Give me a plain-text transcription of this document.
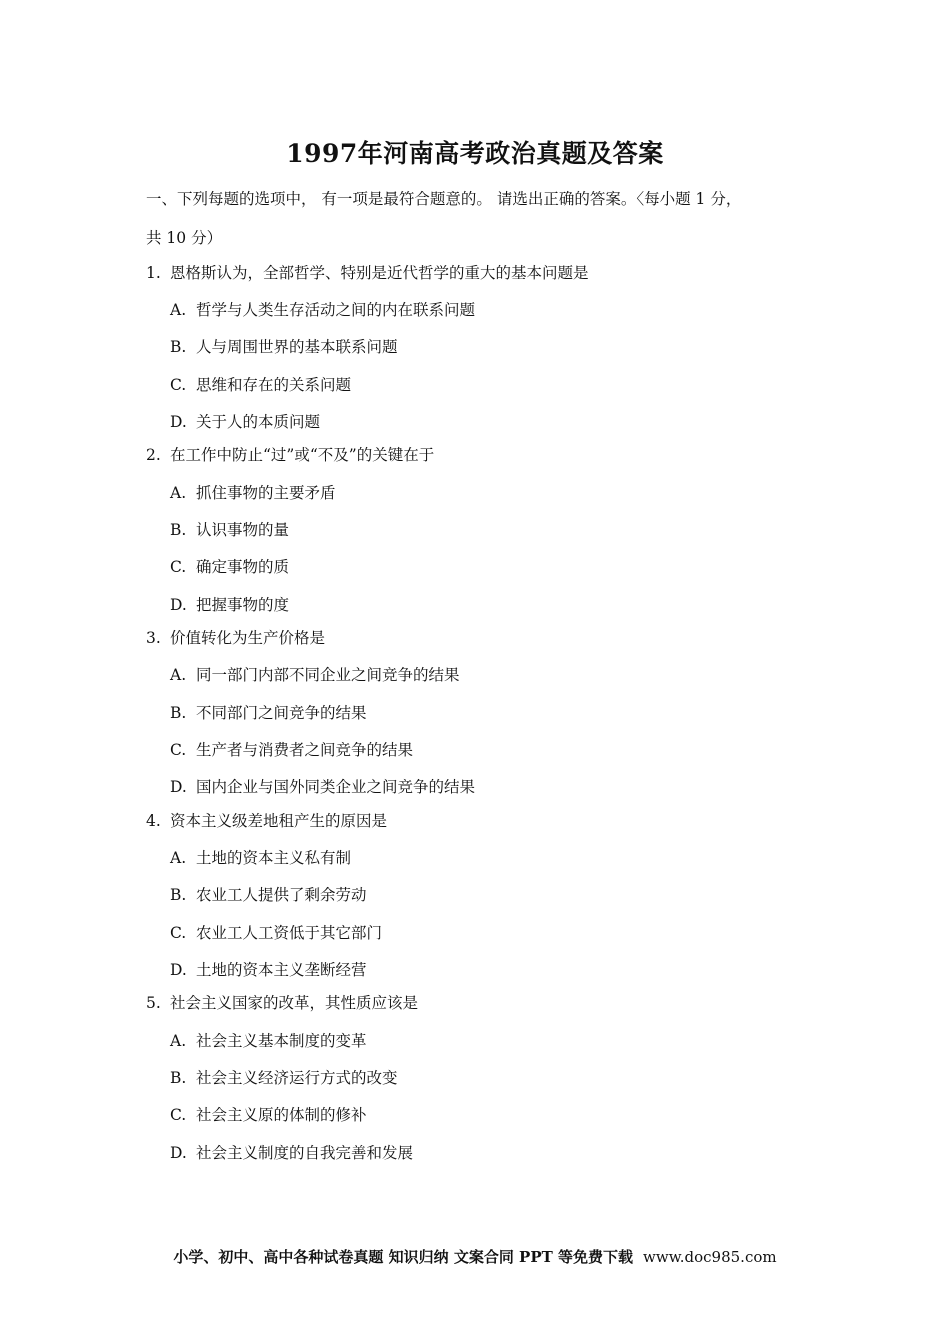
1997年河南高考政治真题及答案
一、下列每题的选项中， 有一项是最符合题意的。 请选出正确的答案。〈每小题 1 分，
共 10 分）
1. 恩格斯认为，全部哲学、特别是近代哲学的重大的基本问题是
A. 哲学与人类生存活动之间的内在联系问题
B. 人与周围世界的基本联系问题
C. 思维和存在的关系问题
D. 关于人的本质问题
2. 在工作中防止“过”或“不及”的关键在于
A. 抓住事物的主要矛盾
B. 认识事物的量
C. 确定事物的质
D. 把握事物的度
3. 价值转化为生产价格是
A. 同一部门内部不同企业之间竞争的结果
B. 不同部门之间竞争的结果
C. 生产者与消费者之间竞争的结果
D. 国内企业与国外同类企业之间竞争的结果
4. 资本主义级差地租产生的原因是
A. 土地的资本主义私有制
B. 农业工人提供了剩余劳动
C. 农业工人工资低于其它部门
D. 土地的资本主义垄断经营
5. 社会主义国家的改革，其性质应该是
A. 社会主义基本制度的变革
B. 社会主义经济运行方式的改变
C. 社会主义原的体制的修补
D. 社会主义制度的自我完善和发展
小学、初中、高中各种试卷真题 知识归纳 文案合同 PPT 等免费下载 www.doc985.com
